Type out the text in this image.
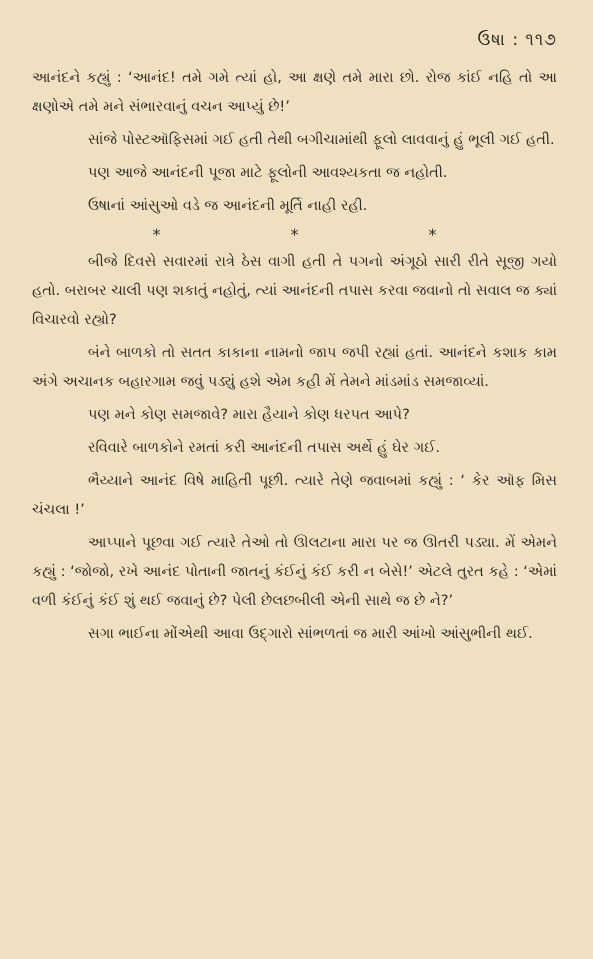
ઉષા : ૧૧૭

આનંદને કહ્યું : ‘આનંદ! તમે ગમે ત્યાં હો, આ ક્ષણે તમે મારા છો. રોજ કાંઈ નહિ તો આ ક્ષણોએ તમે મને સંભારવાનું વચન આપ્યું છે!’

સાંજે પોસ્ટઑફિસમાં ગઈ હતી તેથી બગીચામાંથી ફૂલો લાવવાનું હું ભૂલી ગઈ હતી.

પણ આજે આનંદની પૂજા માટે ફૂલોની આવશ્યકતા જ નહોતી.

ઉષાનાં આંસુઓ વડે જ આનંદની મૂર્તિ નાહી રહી.

*	*	*

બીજે દિવસે સવારમાં રાત્રે ઠેસ વાગી હતી તે પગનો અંગૂઠો સારી રીતે સૂજી ગયો હતો. બરાબર ચાલી પણ શકાતું નહોતું, ત્યાં આનંદની તપાસ કરવા જવાનો તો સવાલ જ ક્યાં વિચારવો રહ્યો?

બંને બાળકો તો સતત કાકાના નામનો જાપ જપી રહ્યાં હતાં. આનંદને કશાક કામ અંગે અચાનક બહારગામ જવું પડ્યું હશે એમ કહી મેં તેમને માંડમાંડ સમજાવ્યાં.

પણ મને કોણ સમજાવે? મારા હૈયાને કોણ ધરપત આપે?

રવિવારે બાળકોને રમતાં કરી આનંદની તપાસ અર્થે હું ઘેર ગઈ.

ભૈય્યાને આનંદ વિષે માહિતી પૂછી. ત્યારે તેણે જવાબમાં કહ્યું : ‘ કેર ઑફ મિસ ચંચલા !’

આપ્પાને પૂછવા ગઈ ત્યારે તેઓ તો ઊલટાના મારા પર જ ઊતરી પડ્યા. મેં એમને કહ્યું : ‘જોજો, રખે આનંદ પોતાની જાતનું કંઈનું કંઈ કરી ન બેસે!’ એટલે તુરત કહે : ‘એમાં વળી કંઈનું કંઈ શું થઈ જવાનું છે? પેલી છેલછબીલી એની સાથે જ છે ને?’

સગા ભાઈના મોંએથી આવા ઉદ્ગારો સાંભળતાં જ મારી આંખો આંસુભીની થઈ.
